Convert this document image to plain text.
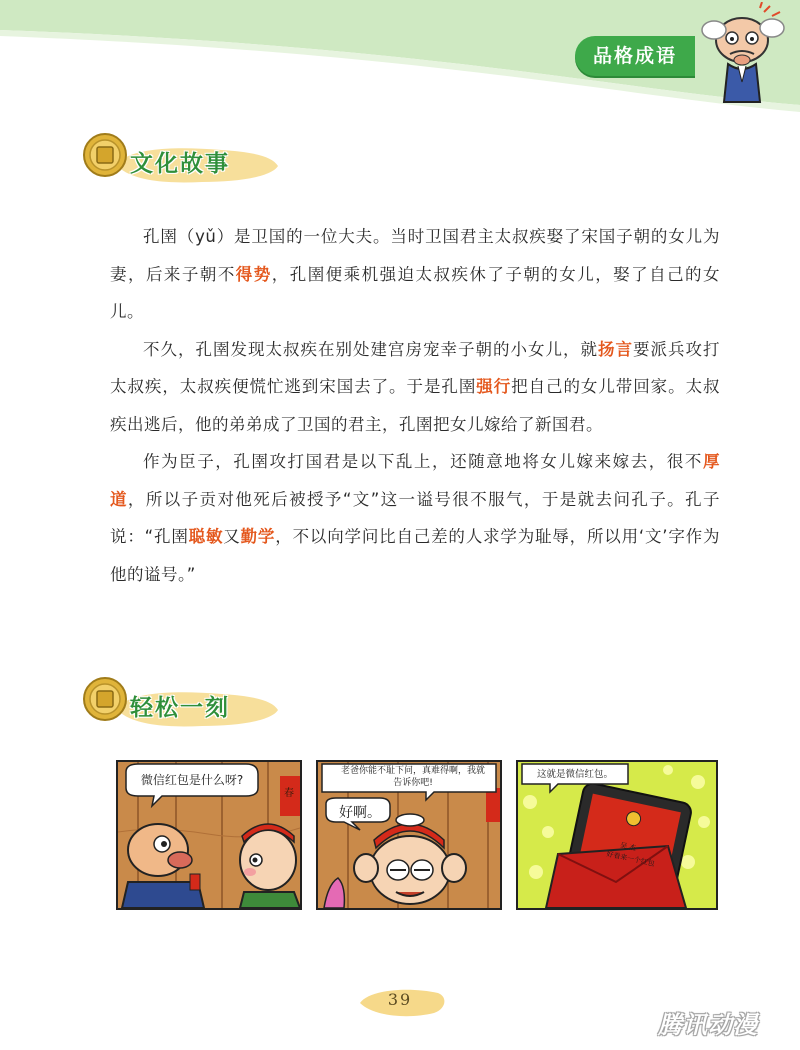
品格成语
文化故事

孔圉（yǔ）是卫国的一位大夫。当时卫国君主太叔疾娶了宋国子朝的女儿为妻，后来子朝不得势，孔圉便乘机强迫太叔疾休了子朝的女儿，娶了自己的女儿。

不久，孔圉发现太叔疾在别处建宫房宠幸子朝的小女儿，就扬言要派兵攻打太叔疾，太叔疾便慌忙逃到宋国去了。于是孔圉强行把自己的女儿带回家。太叔疾出逃后，他的弟弟成了卫国的君主，孔圉把女儿嫁给了新国君。

作为臣子，孔圉攻打国君是以下乱上，还随意地将女儿嫁来嫁去，很不厚道，所以子贡对他死后被授予“文”这一谥号很不服气，于是就去问孔子。孔子说：“孔圉聪敏又勤学，不以向学问比自己差的人求学为耻辱，所以用‘文’字作为他的谥号。”

轻松一刻
微信红包是什么呀?
春
老爸你能不耻下问，真难得啊，我就告诉你吧!
好啊。
这就是微信红包。
吴 杰
好看来一个红包
39
腾讯动漫
